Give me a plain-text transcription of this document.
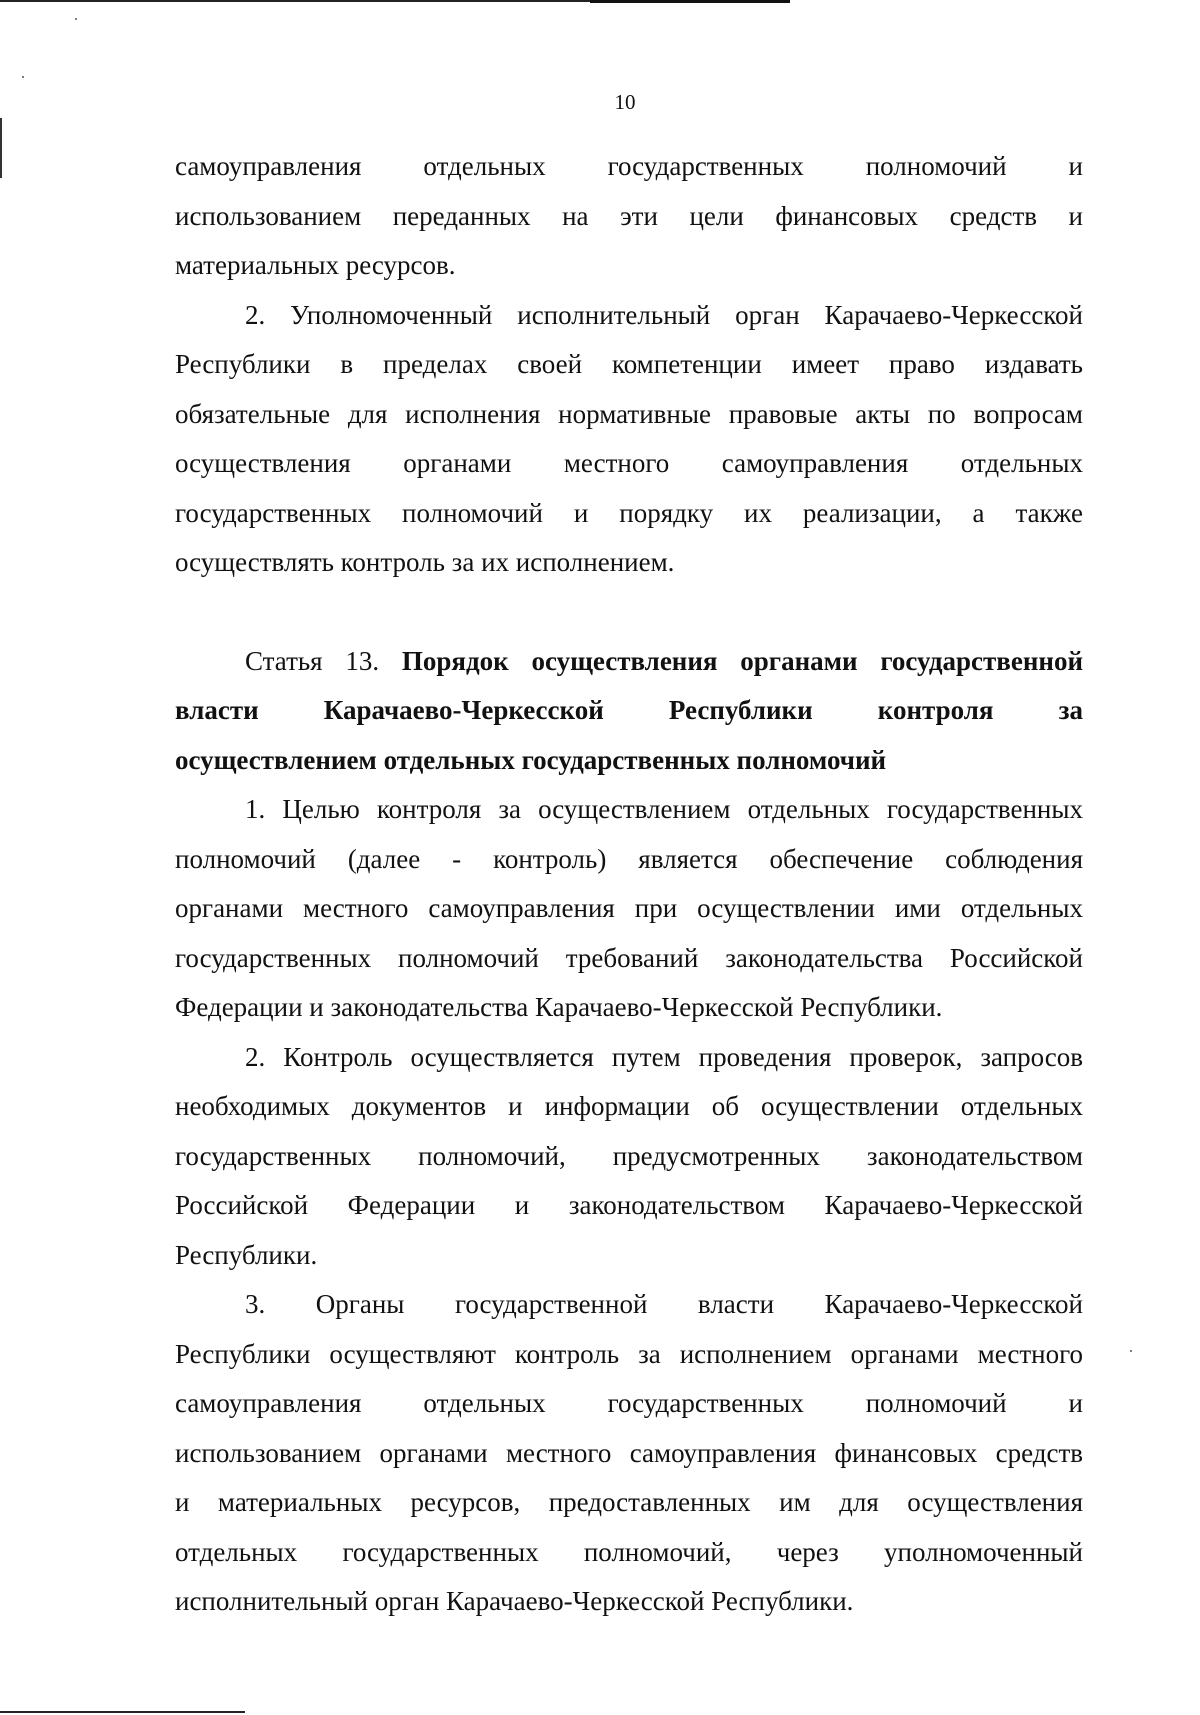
10

самоуправления отдельных государственных полномочий и

использованием переданных на эти цели финансовых средств и

материальных ресурсов.

2. Уполномоченный исполнительный орган Карачаево-Черкесской

Республики в пределах своей компетенции имеет право издавать

обязательные для исполнения нормативные правовые акты по вопросам

осуществления органами местного самоуправления отдельных

государственных полномочий и порядку их реализации, а также

осуществлять контроль за их исполнением.

Статья 13. Порядок осуществления органами государственной

власти Карачаево-Черкесской Республики контроля за

осуществлением отдельных государственных полномочий

1. Целью контроля за осуществлением отдельных государственных

полномочий (далее - контроль) является обеспечение соблюдения

органами местного самоуправления при осуществлении ими отдельных

государственных полномочий требований законодательства Российской

Федерации и законодательства Карачаево-Черкесской Республики.

2. Контроль осуществляется путем проведения проверок, запросов

необходимых документов и информации об осуществлении отдельных

государственных полномочий, предусмотренных законодательством

Российской Федерации и законодательством Карачаево-Черкесской

Республики.

3. Органы государственной власти Карачаево-Черкесской

Республики осуществляют контроль за исполнением органами местного

самоуправления отдельных государственных полномочий и

использованием органами местного самоуправления финансовых средств

и материальных ресурсов, предоставленных им для осуществления

отдельных государственных полномочий, через уполномоченный

исполнительный орган Карачаево-Черкесской Республики.
